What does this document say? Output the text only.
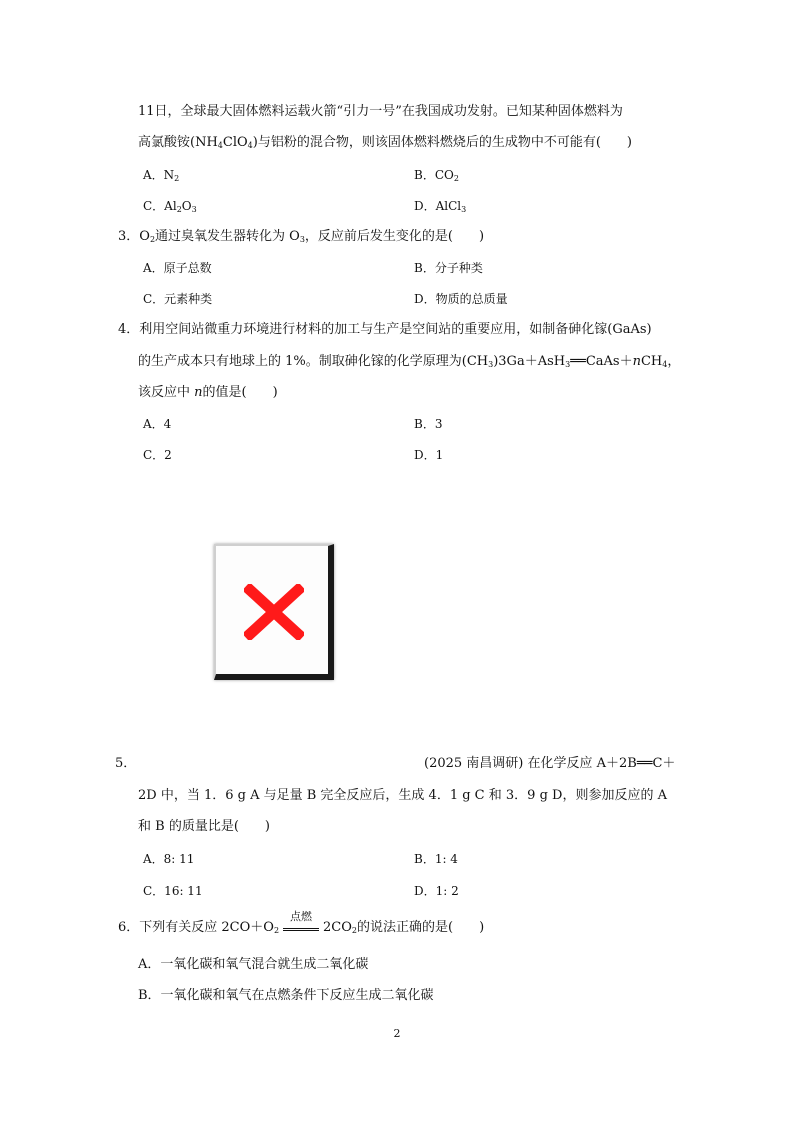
11日，全球最大固体燃料运载火箭“引力一号”在我国成功发射。已知某种固体燃料为
高氯酸铵$(NH_4ClO_4)$与铝粉的混合物，则该固体燃料燃烧后的生成物中不可能有( )
A．$N_2$	B．$CO_2$
C．$Al_2O_3$	D．AlCl$_3$
3．$O_2$通过臭氧发生器转化为 $O_3$，反应前后发生变化的是( )
A．原子总数	B．分子种类
C．元素种类	D．物质的总质量
4．利用空间站微重力环境进行材料的加工与生产是空间站的重要应用，如制备砷化镓(GaAs)
的生产成本只有地球上的 1%。制取砷化镓的化学原理为$(CH_3)3Ga+AsH_3══CaAs+nCH_4$，
该反应中 n的值是( )
A．4	B．3
C．2	D．1
5．	(2025 南昌调研) 在化学反应 A＋2B══C＋
2D 中，当 1．6 g A 与足量 B 完全反应后，生成 4．1 g C 和 3．9 g D，则参加反应的 A
和 B 的质量比是( )
A．8: 11	B．1: 4
C．16: 11	D．1: 2
6．下列有关反应 $2CO+O_2$
点燃
$2CO_2$的说法正确的是( )
A．一氧化碳和氧气混合就生成二氧化碳
B．一氧化碳和氧气在点燃条件下反应生成二氧化碳
2
